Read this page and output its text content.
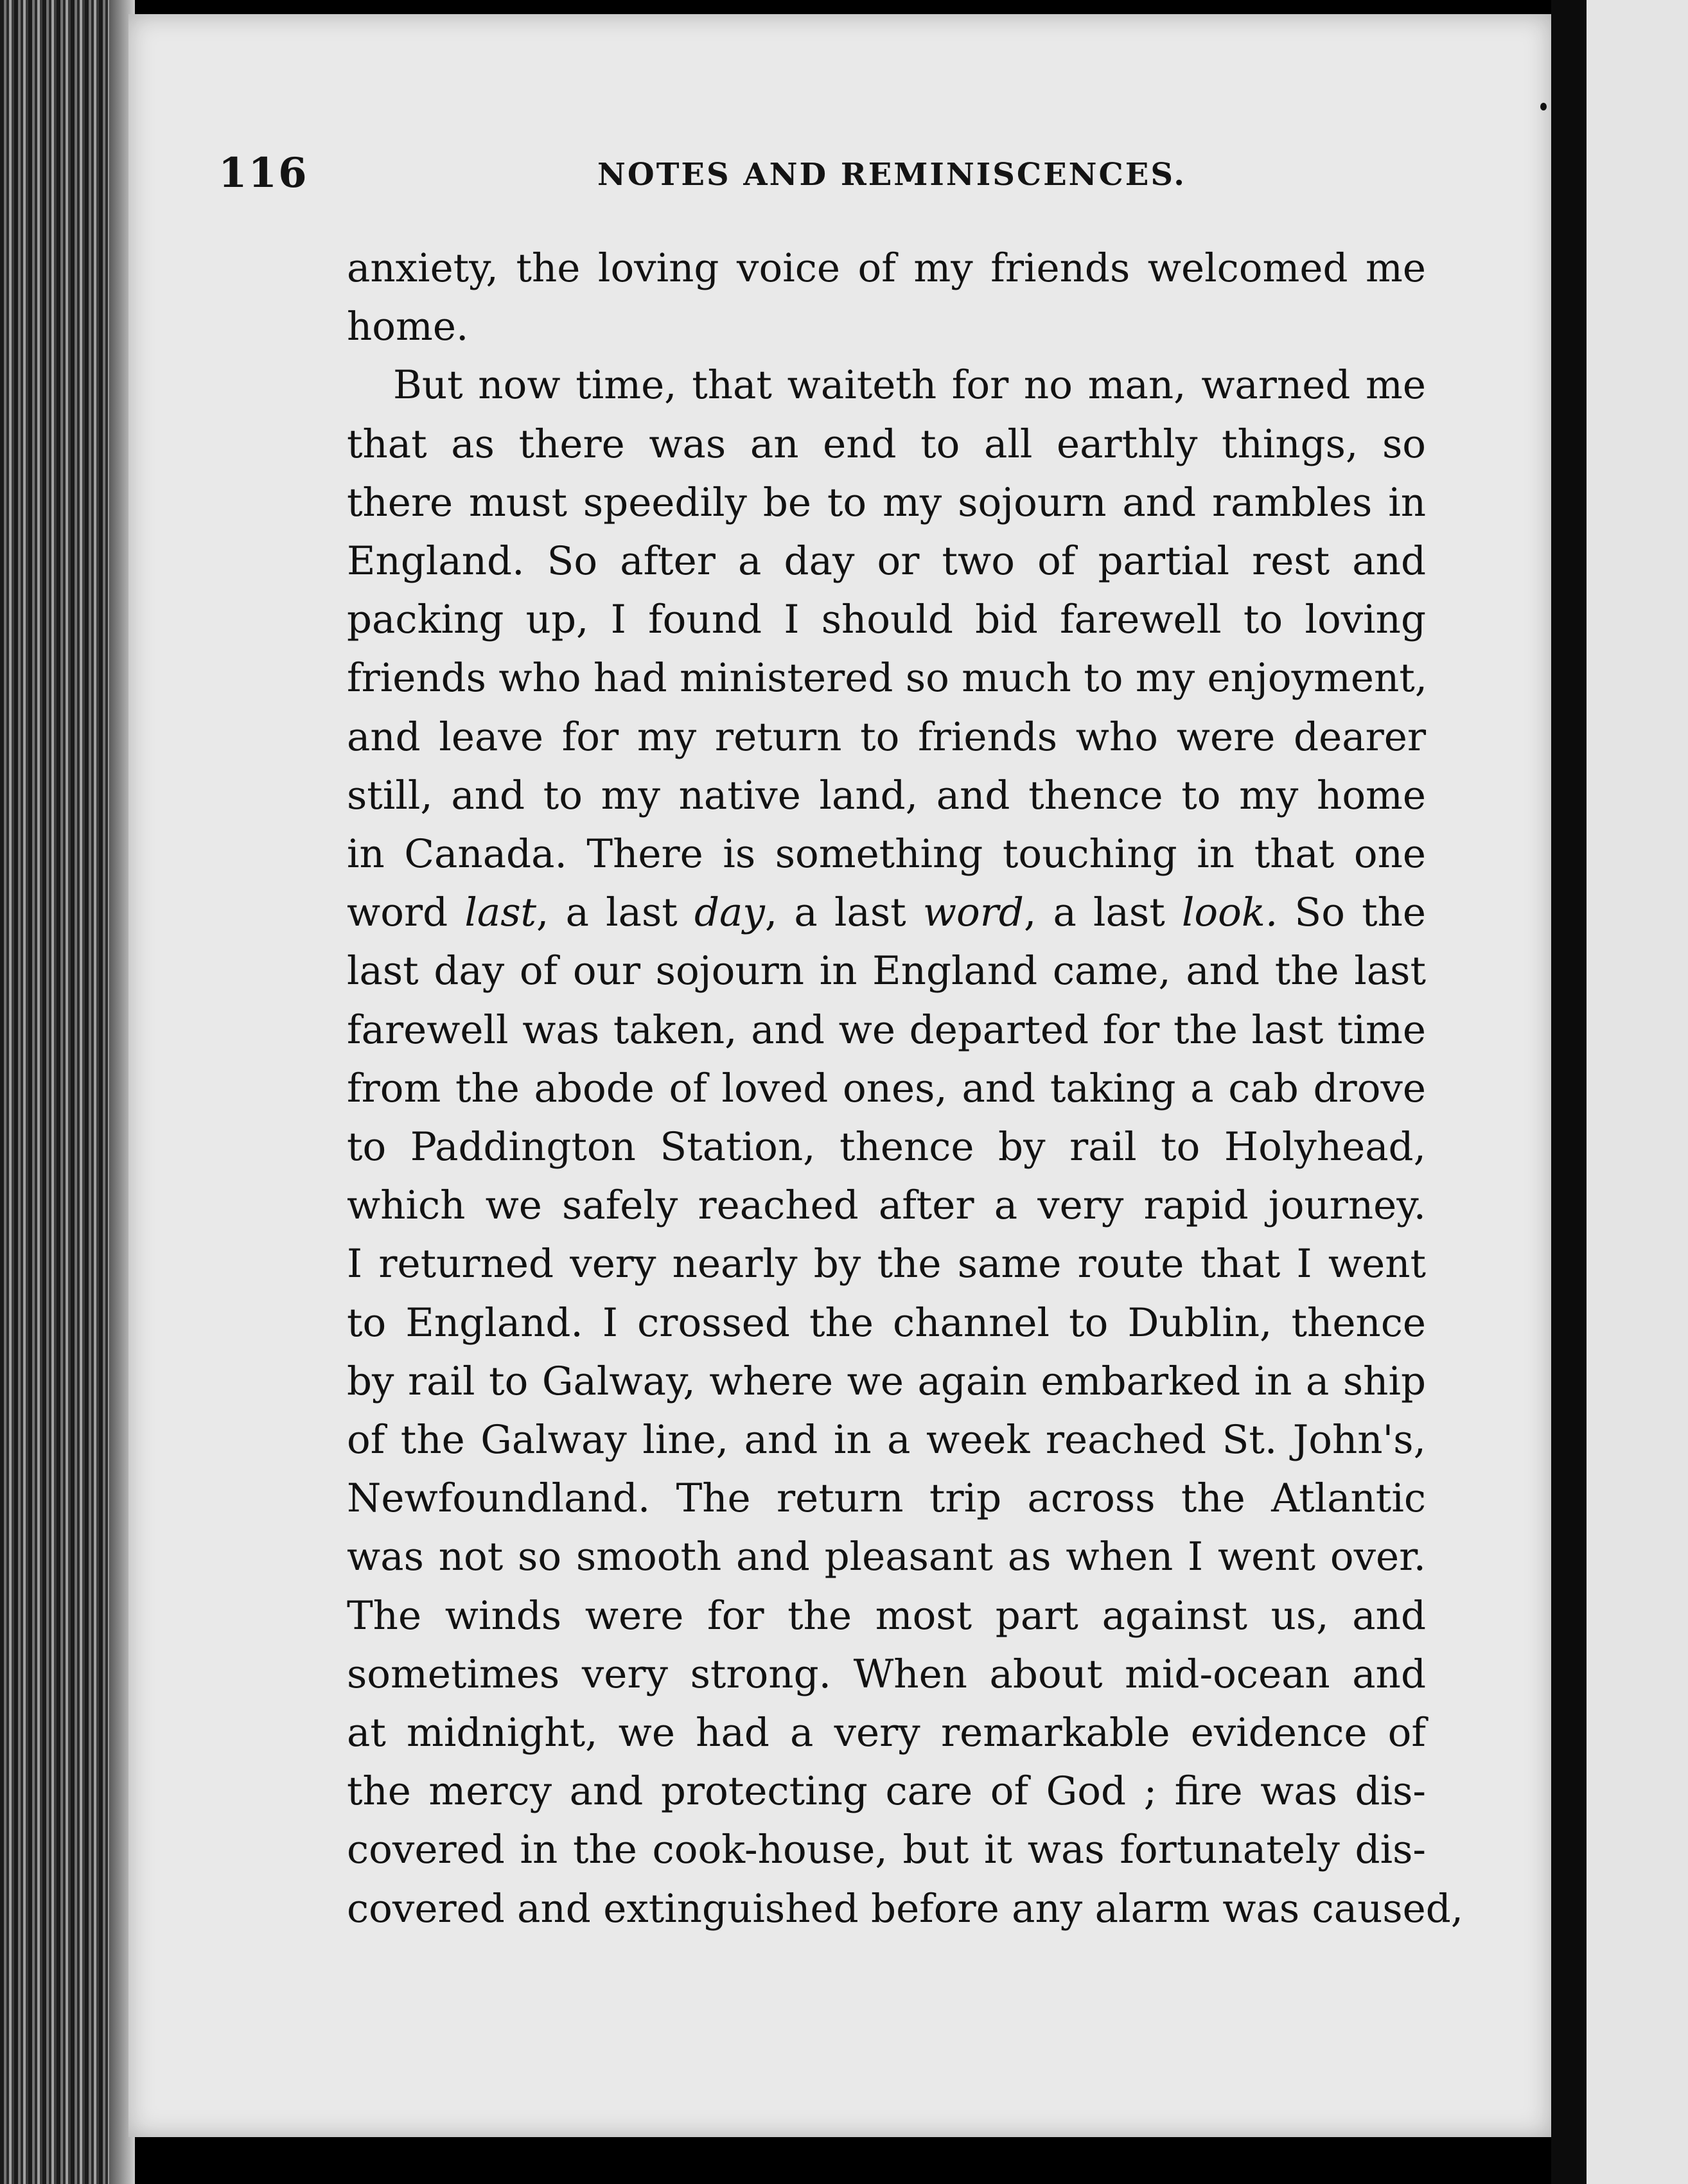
116	NOTES AND REMINISCENCES.

anxiety, the loving voice of my friends welcomed me
home.

But now time, that waiteth for no man, warned me
that as there was an end to all earthly things, so
there must speedily be to my sojourn and rambles in
England. So after a day or two of partial rest and
packing up, I found I should bid farewell to loving
friends who had ministered so much to my enjoyment,
and leave for my return to friends who were dearer
still, and to my native land, and thence to my home
in Canada. There is something touching in that one
word last, a last day, a last word, a last look. So the
last day of our sojourn in England came, and the last
farewell was taken, and we departed for the last time
from the abode of loved ones, and taking a cab drove
to Paddington Station, thence by rail to Holyhead,
which we safely reached after a very rapid journey.
I returned very nearly by the same route that I went
to England. I crossed the channel to Dublin, thence
by rail to Galway, where we again embarked in a ship
of the Galway line, and in a week reached St. John's,
Newfoundland. The return trip across the Atlantic
was not so smooth and pleasant as when I went over.
The winds were for the most part against us, and
sometimes very strong. When about mid-ocean and
at midnight, we had a very remarkable evidence of
the mercy and protecting care of God ; fire was dis-
covered in the cook-house, but it was fortunately dis-
covered and extinguished before any alarm was caused,
